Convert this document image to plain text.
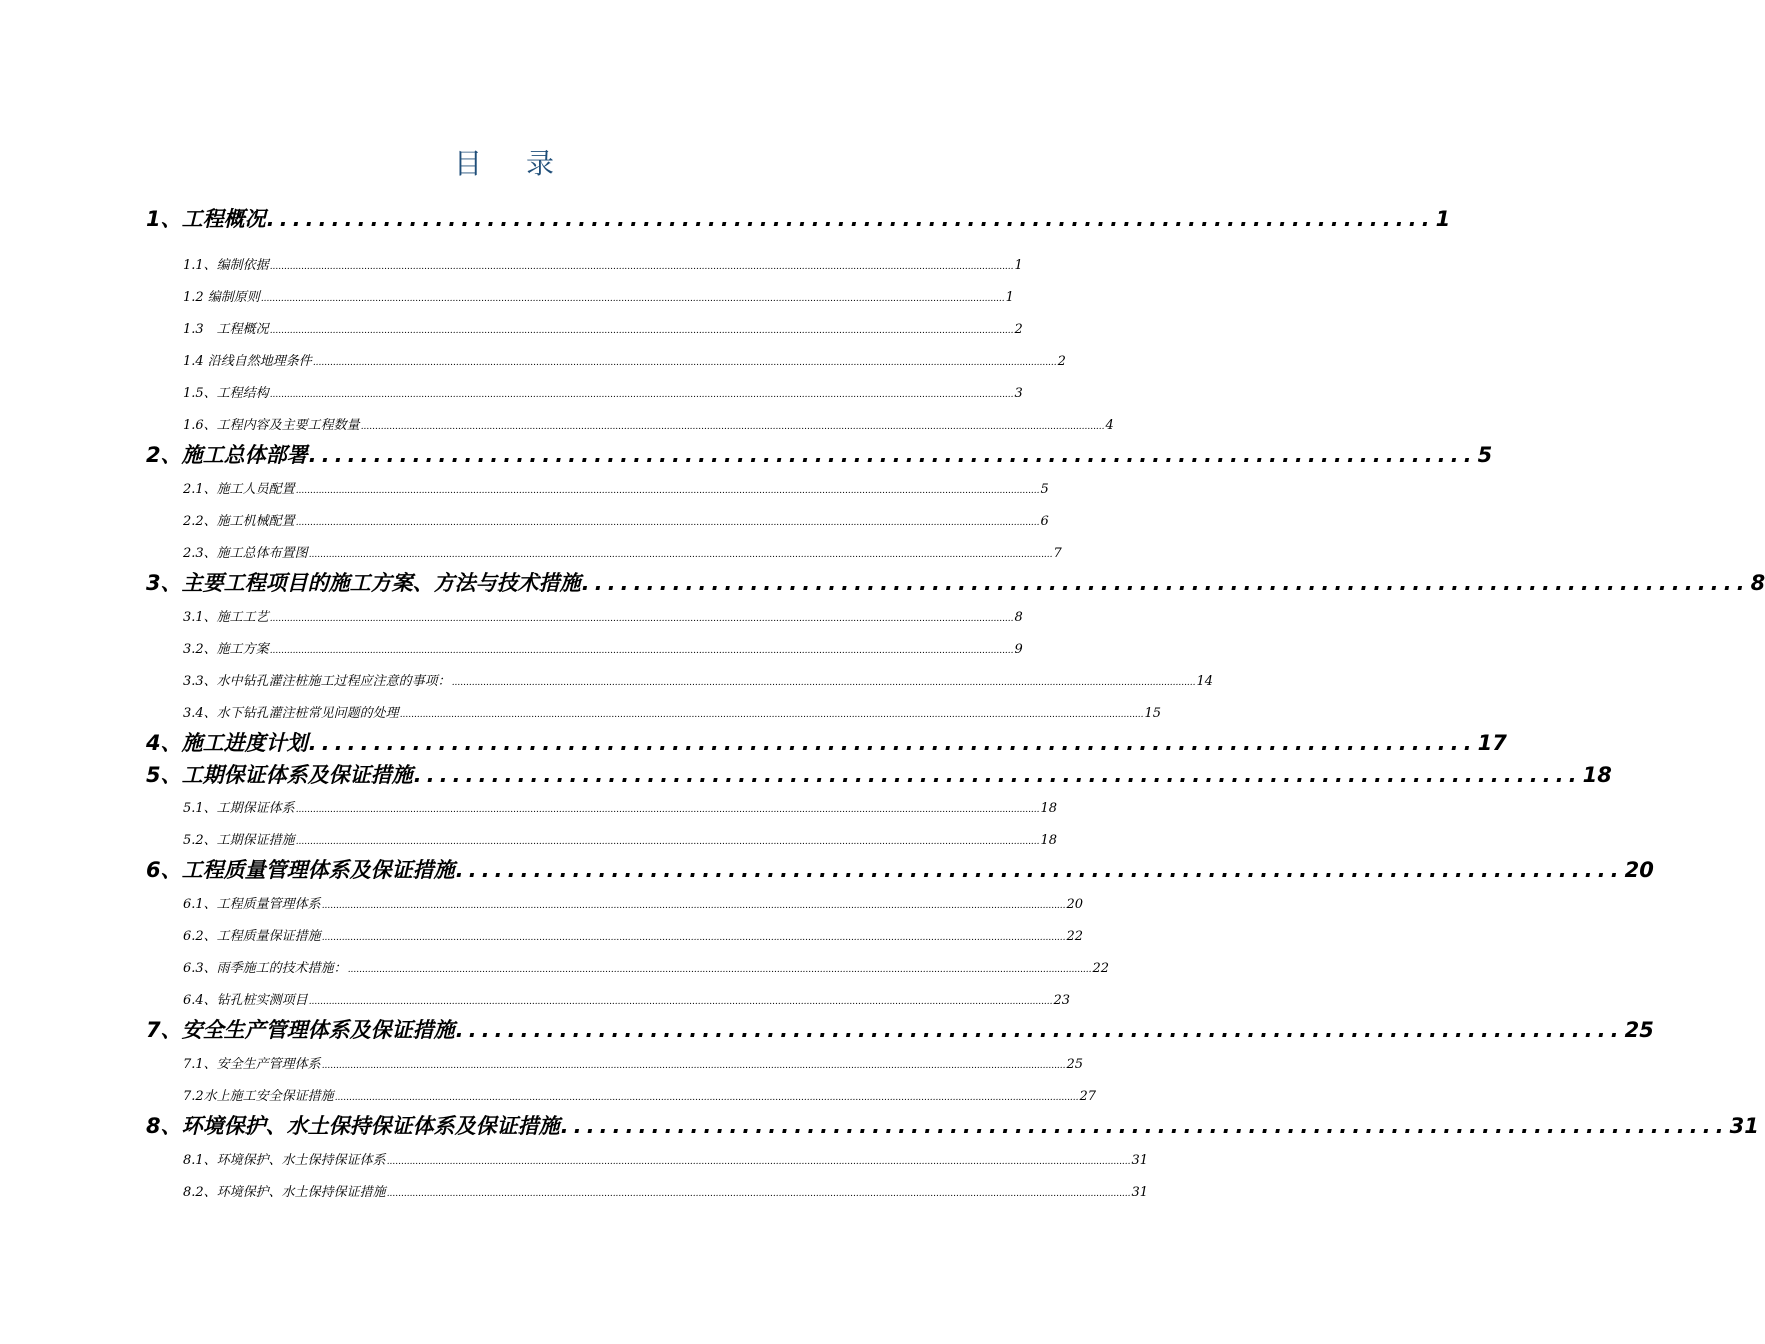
目 录
1、工程概况 .......................................................................................... 1
1.1、编制依据 .................................................................................................................................................................................................................................................................... 1
1.2 编制原则 .................................................................................................................................................................................................................................................................... 1
1.3　工程概况 .................................................................................................................................................................................................................................................................... 2
1.4 沿线自然地理条件 .................................................................................................................................................................................................................................................................... 2
1.5、工程结构 .................................................................................................................................................................................................................................................................... 3
1.6、工程内容及主要工程数量 .................................................................................................................................................................................................................................................................... 4
2、施工总体部署 .......................................................................................... 5
2.1、施工人员配置 .................................................................................................................................................................................................................................................................... 5
2.2、施工机械配置 .................................................................................................................................................................................................................................................................... 6
2.3、施工总体布置图 .................................................................................................................................................................................................................................................................... 7
3、主要工程项目的施工方案、方法与技术措施 .......................................................................................... 8
3.1、施工工艺 .................................................................................................................................................................................................................................................................... 8
3.2、施工方案 .................................................................................................................................................................................................................................................................... 9
3.3、水中钻孔灌注桩施工过程应注意的事项： .................................................................................................................................................................................................................................................................... 14
3.4、水下钻孔灌注桩常见问题的处理 .................................................................................................................................................................................................................................................................... 15
4、施工进度计划 .......................................................................................... 17
5、工期保证体系及保证措施 .......................................................................................... 18
5.1、工期保证体系 .................................................................................................................................................................................................................................................................... 18
5.2、工期保证措施 .................................................................................................................................................................................................................................................................... 18
6、工程质量管理体系及保证措施 .......................................................................................... 20
6.1、工程质量管理体系 .................................................................................................................................................................................................................................................................... 20
6.2、工程质量保证措施 .................................................................................................................................................................................................................................................................... 22
6.3、雨季施工的技术措施： .................................................................................................................................................................................................................................................................... 22
6.4、钻孔桩实测项目 .................................................................................................................................................................................................................................................................... 23
7、安全生产管理体系及保证措施 .......................................................................................... 25
7.1、安全生产管理体系 .................................................................................................................................................................................................................................................................... 25
7.2水上施工安全保证措施 .................................................................................................................................................................................................................................................................... 27
8、环境保护、水土保持保证体系及保证措施 .......................................................................................... 31
8.1、环境保护、水土保持保证体系 .................................................................................................................................................................................................................................................................... 31
8.2、环境保护、水土保持保证措施 .................................................................................................................................................................................................................................................................... 31
